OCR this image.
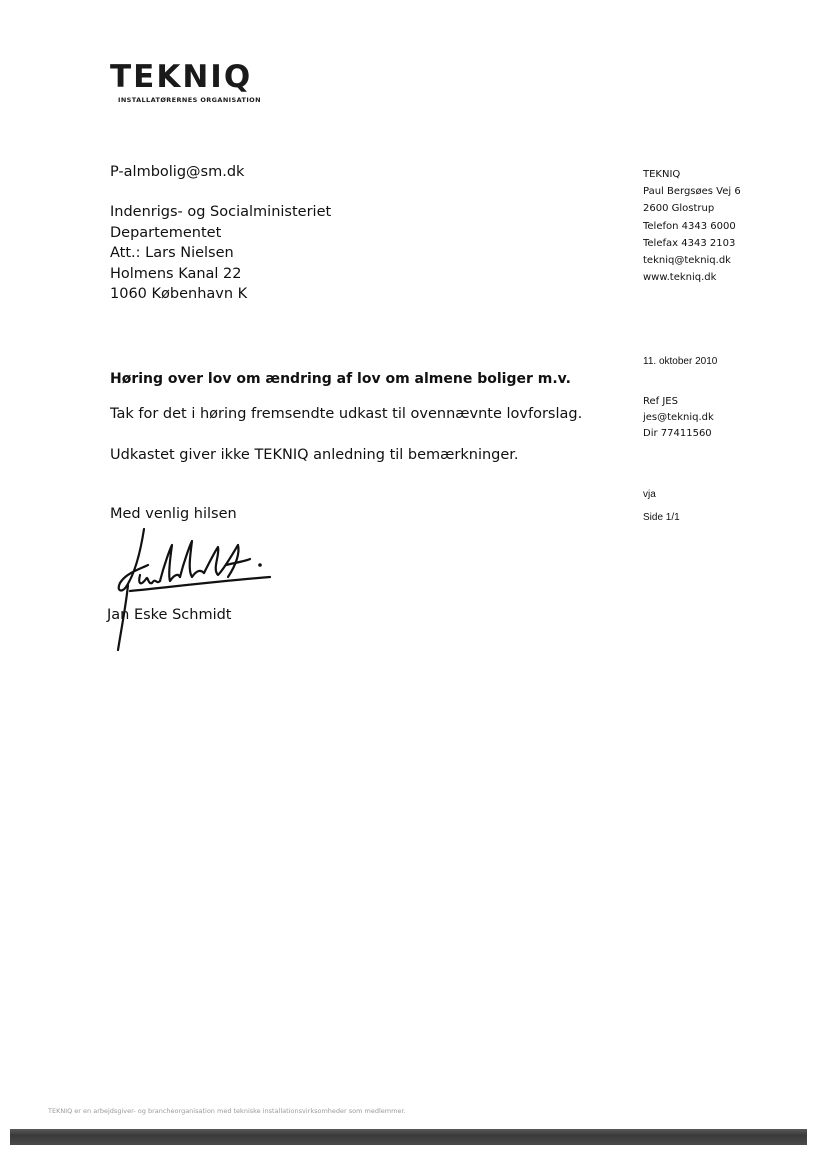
TEKNIQ
INSTALLATØRERNES ORGANISATION
P-almbolig@sm.dk
Indenrigs- og Socialministeriet
Departementet
Att.: Lars Nielsen
Holmens Kanal 22
1060 København K
TEKNIQ
Paul Bergsøes Vej 6
2600 Glostrup
Telefon 4343 6000
Telefax 4343 2103
tekniq@tekniq.dk
www.tekniq.dk
11. oktober 2010
Ref JES
jes@tekniq.dk
Dir 77411560
vja
Side 1/1
Høring over lov om ændring af lov om almene boliger m.v.
Tak for det i høring fremsendte udkast til ovennævnte lovforslag.
Udkastet giver ikke TEKNIQ anledning til bemærkninger.
Med venlig hilsen
Jan Eske Schmidt
TEKNIQ er en arbejdsgiver- og brancheorganisation med tekniske installationsvirksomheder som medlemmer.
